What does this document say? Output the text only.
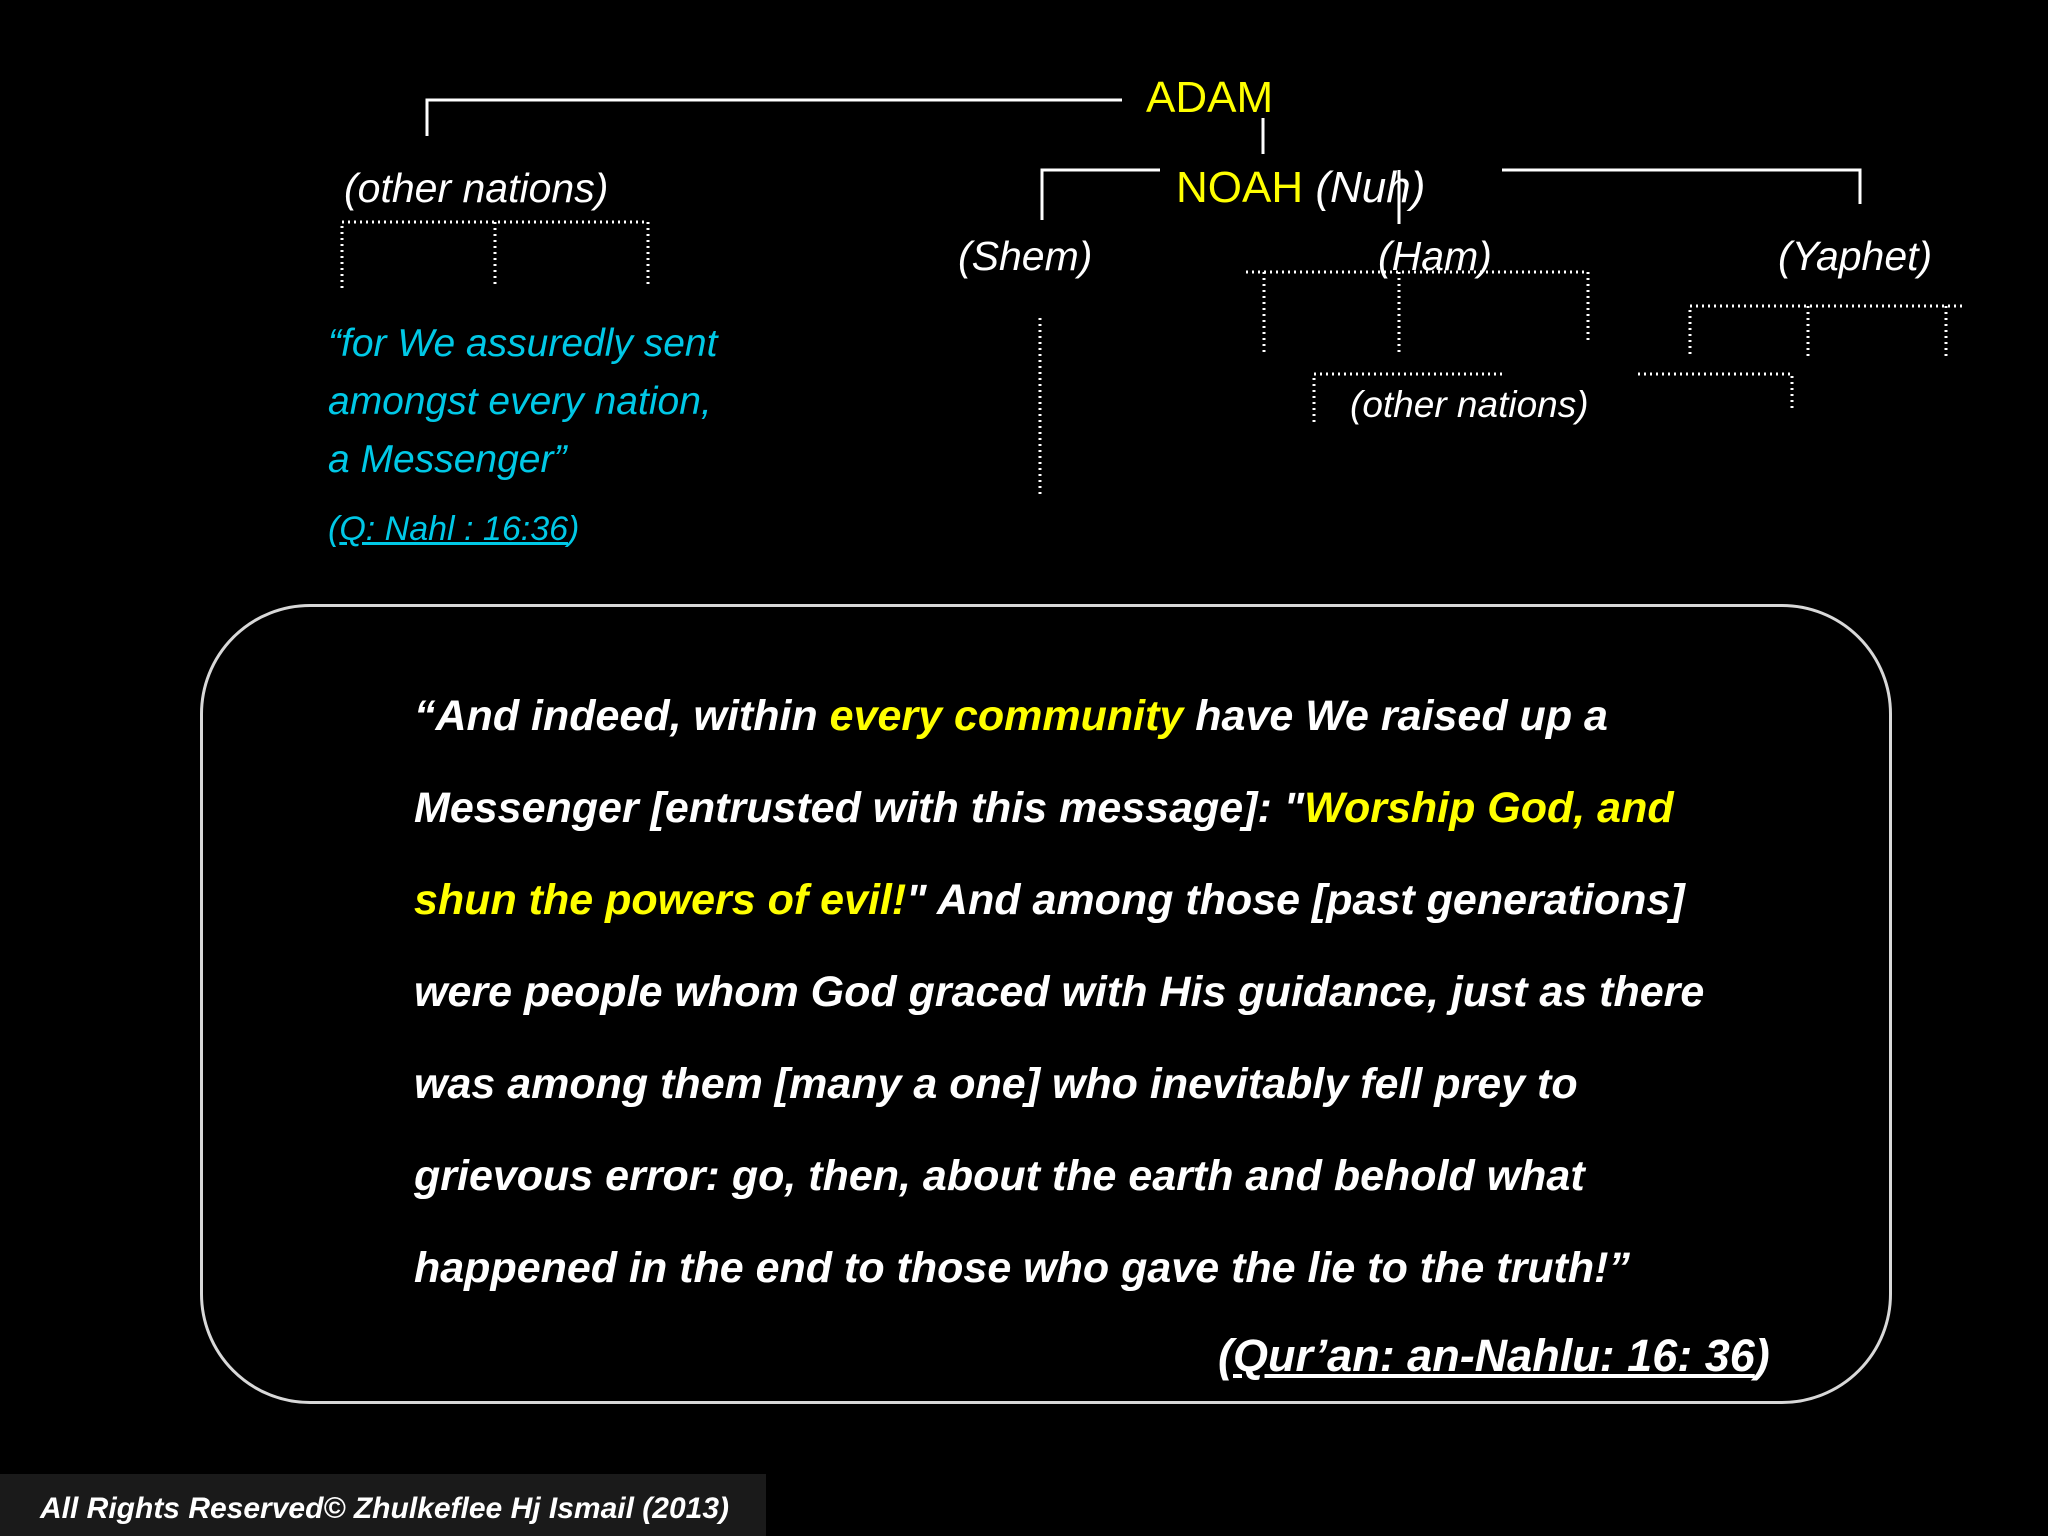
ADAM
NOAH (Nuh)
(other nations)
(Shem)	(Ham)	(Yaphet)
(other nations)
“for We assuredly sent
amongst every nation,
a Messenger”
(Q: Nahl : 16:36)
“And indeed, within every community have We raised up a
Messenger [entrusted with this message]: "Worship God, and
shun the powers of evil!" And among those [past generations]
were people whom God graced with His guidance, just as there
was among them [many a one] who inevitably fell prey to
grievous error: go, then, about the earth and behold what
happened in the end to those who gave the lie to the truth!”
(Qur’an: an-Nahlu: 16: 36)
All Rights Reserved© Zhulkeflee Hj Ismail (2013)
